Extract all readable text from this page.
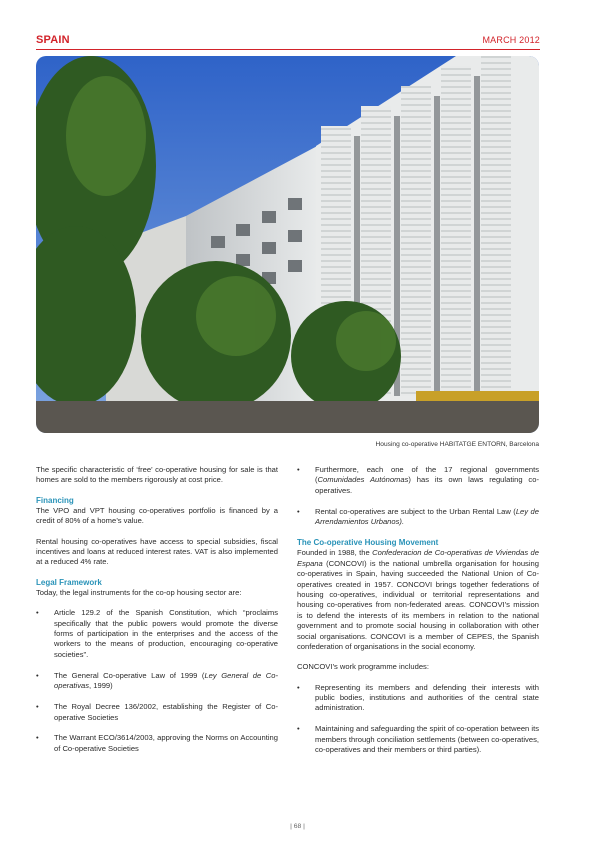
SPAIN	MARCH 2012
Housing co-operative HABITATGE ENTORN, Barcelona

The specific characteristic of ‘free’ co-operative housing for sale is that homes are sold to the members rigorously at cost price.

Financing

The VPO and VPT housing co-operatives portfolio is financed by a credit of 80% of a home’s value.

Rental housing co-operatives have access to special subsidies, fiscal incentives and loans at reduced interest rates. VAT is also implemented at a reduced 4% rate.

Legal Framework

Today, the legal instruments for the co-op housing sector are:

• Article 129.2 of the Spanish Constitution, which “proclaims specifically that the public powers would promote the diverse forms of participation in the enterprises and the access of the workers to the means of production, encouraging co-operative societies”.
• The General Co-operative Law of 1999 (Ley General de Co-operativas, 1999)
• The Royal Decree 136/2002, establishing the Register of Co-operative Societies
• The Warrant ECO/3614/2003, approving the Norms on Accounting of Co-operative Societies
• Furthermore, each one of the 17 regional governments (Comunidades Autónomas) has its own laws regulating co-operatives.
• Rental co-operatives are subject to the Urban Rental Law (Ley de Arrendamientos Urbanos).
The Co-operative Housing Movement

Founded in 1988, the Confederacion de Co-operativas de Viviendas de Espana (CONCOVI) is the national umbrella organisation for housing co-operatives in Spain, having succeeded the National Union of Co-operatives created in 1957. CONCOVI brings together federations of housing co-operatives, individual or territorial representations and housing co-operatives from non-federated areas. CONCOVI’s mission is to defend the interests of its members in relation to the national government and to promote social housing in collaboration with other social organisations. CONCOVI is a member of CEPES, the Spanish confederation of organisations in the social economy.

CONCOVI’s work programme includes:

• Representing its members and defending their interests with public bodies, institutions and authorities of the central state administration.
• Maintaining and safeguarding the spirit of co-operation between its members through conciliation settlements (between co-operatives, co-operatives and their members or third parties).
| 68 |
